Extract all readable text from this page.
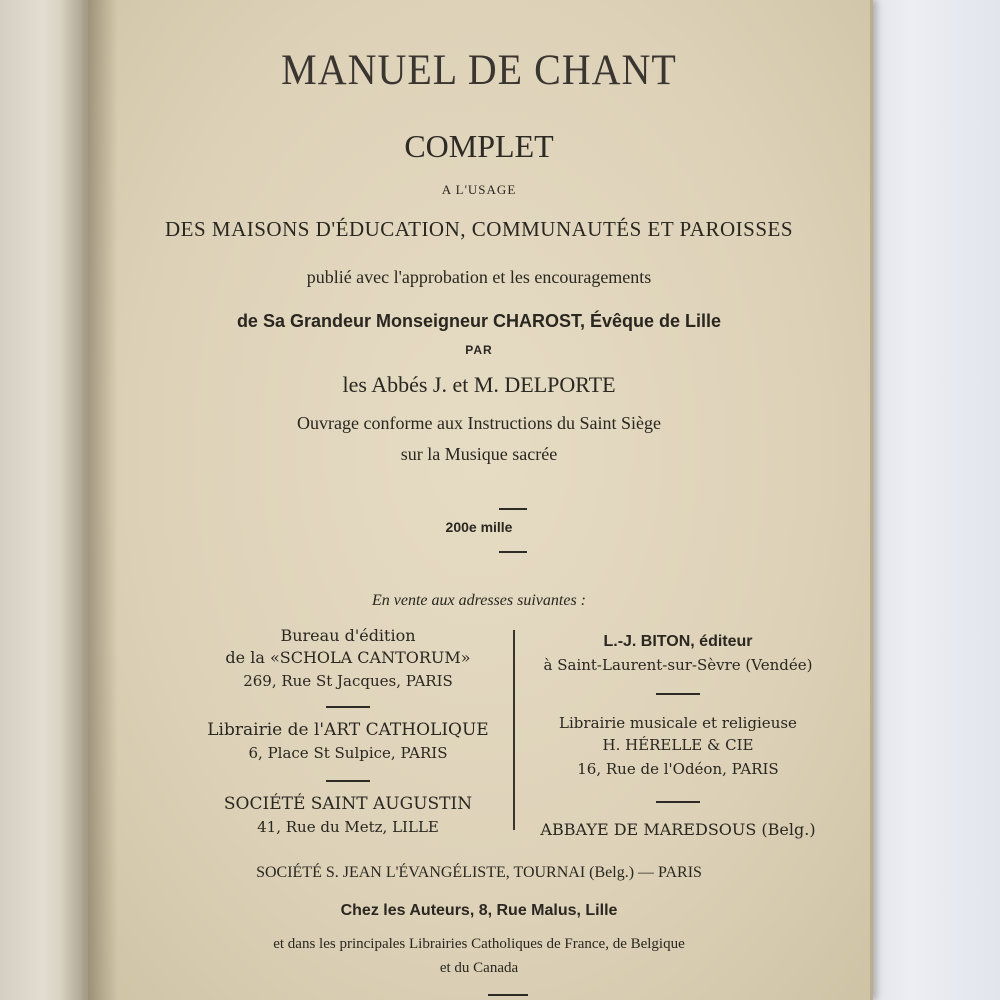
MANUEL DE CHANT
COMPLET
A L'USAGE
DES MAISONS D'ÉDUCATION, COMMUNAUTÉS ET PAROISSES
publié avec l'approbation et les encouragements
de Sa Grandeur Monseigneur CHAROST, Évêque de Lille
PAR
les Abbés J. et M. DELPORTE
Ouvrage conforme aux Instructions du Saint Siège
sur la Musique sacrée
200e mille
En vente aux adresses suivantes :
Bureau d'édition
de la «SCHOLA CANTORUM»
269, Rue St Jacques, PARIS
Librairie de l'ART CATHOLIQUE
6, Place St Sulpice, PARIS
SOCIÉTÉ SAINT AUGUSTIN
41, Rue du Metz, LILLE
L.-J. BITON, éditeur
à Saint-Laurent-sur-Sèvre (Vendée)
Librairie musicale et religieuse
H. HÉRELLE & CIE
16, Rue de l'Odéon, PARIS
ABBAYE DE MAREDSOUS (Belg.)
SOCIÉTÉ S. JEAN L'ÉVANGÉLISTE, TOURNAI (Belg.) — PARIS
Chez les Auteurs, 8, Rue Malus, Lille
et dans les principales Librairies Catholiques de France, de Belgique
et du Canada
